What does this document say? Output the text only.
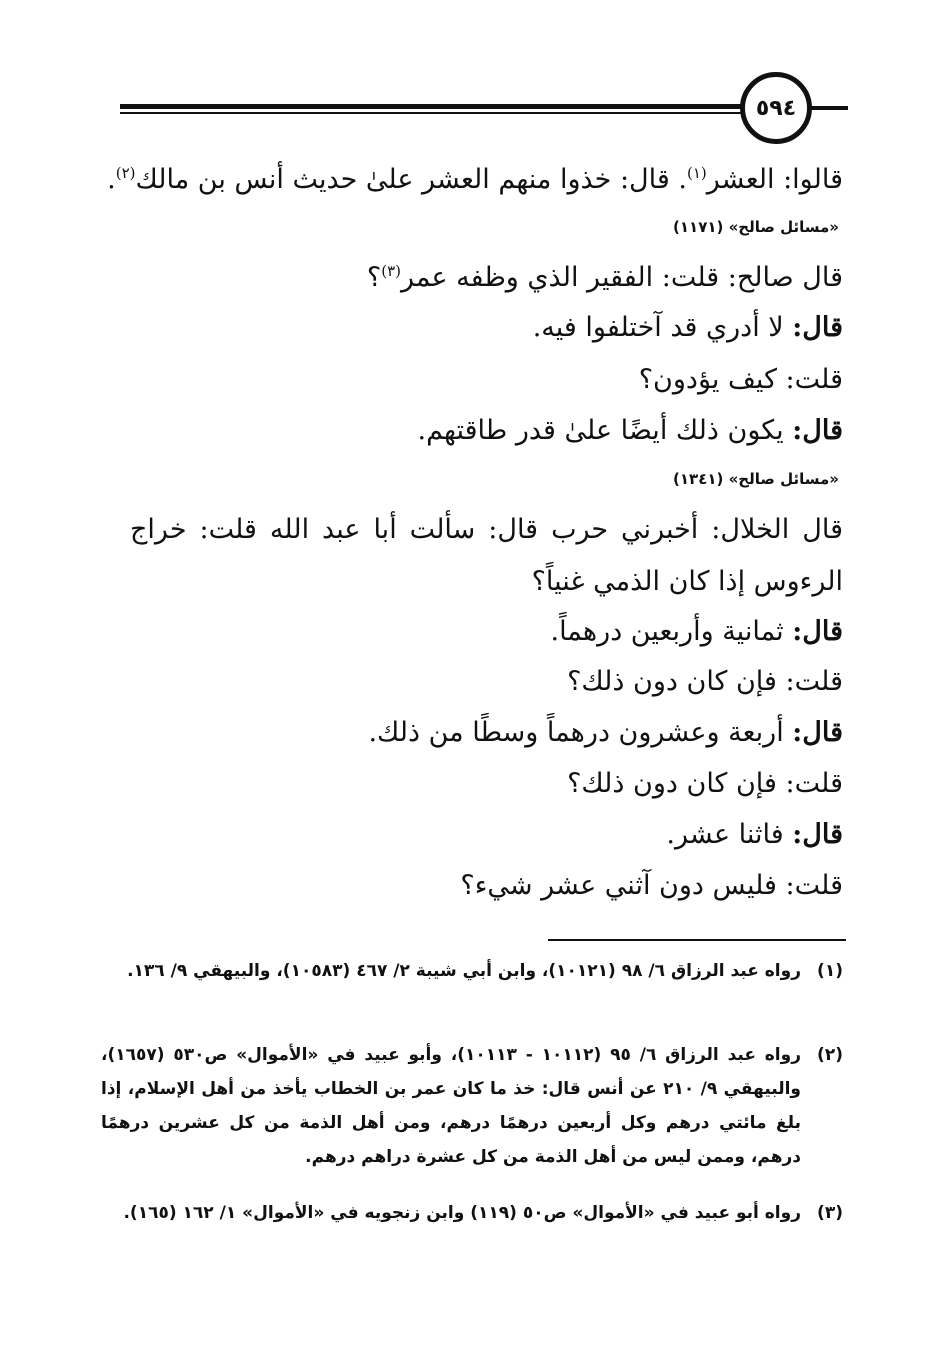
٥٩٤
قالوا: العشر$^{(١)}$. قال: خذوا منهم العشر علىٰ حديث أنس بن مالك$^{(٢)}$.
«مسائل صالح» (١١٧١)
قال صالح: قلت: الفقير الذي وظفه عمر$^{(٣)}$؟
قال: لا أدري قد آختلفوا فيه.
قلت: كيف يؤدون؟
قال: يكون ذلك أيضًا علىٰ قدر طاقتهم.
«مسائل صالح» (١٣٤١)
قال الخلال: أخبرني حرب قال: سألت أبا عبد الله قلت: خراج
الرءوس إذا كان الذمي غنياً؟
قال: ثمانية وأربعين درهماً.
قلت: فإن كان دون ذلك؟
قال: أربعة وعشرون درهماً وسطًا من ذلك.
قلت: فإن كان دون ذلك؟
قال: فاثنا عشر.
قلت: فليس دون آثني عشر شيء؟
(١)
رواه عبد الرزاق ٦/ ٩٨ (١٠١٢١)، وابن أبي شيبة ٢/ ٤٦٧ (١٠٥٨٣)، والبيهقي ٩/ ١٣٦.
(٢)
رواه عبد الرزاق ٦/ ٩٥ (١٠١١٢ - ١٠١١٣)، وأبو عبيد في «الأموال» ص٥٣٠ (١٦٥٧)، والبيهقي ٩/ ٢١٠ عن أنس قال: خذ ما كان عمر بن الخطاب يأخذ من أهل الإسلام، إذا بلغ مائتي درهم وكل أربعين درهمًا درهم، ومن أهل الذمة من كل عشرين درهمًا درهم، وممن ليس من أهل الذمة من كل عشرة دراهم درهم.
(٣)
رواه أبو عبيد في «الأموال» ص٥٠ (١١٩) وابن زنجويه في «الأموال» ١/ ١٦٢ (١٦٥).
